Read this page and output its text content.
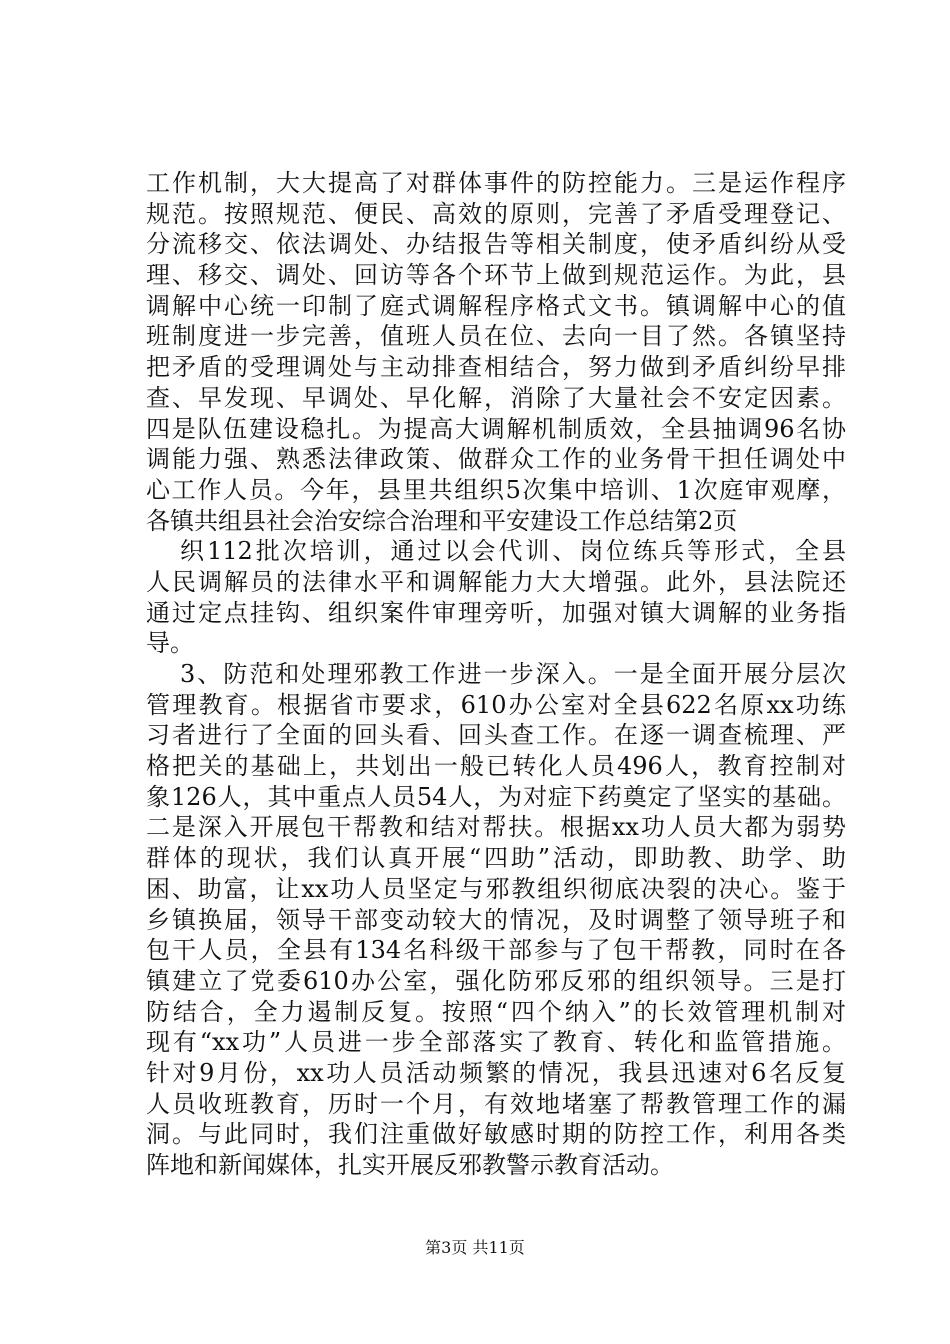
工作机制，大大提高了对群体事件的防控能力。三是运作程序
规范。按照规范、便民、高效的原则，完善了矛盾受理登记、
分流移交、依法调处、办结报告等相关制度，使矛盾纠纷从受
理、移交、调处、回访等各个环节上做到规范运作。为此，县
调解中心统一印制了庭式调解程序格式文书。镇调解中心的值
班制度进一步完善，值班人员在位、去向一目了然。各镇坚持
把矛盾的受理调处与主动排查相结合，努力做到矛盾纠纷早排
查、早发现、早调处、早化解，消除了大量社会不安定因素。
四是队伍建设稳扎。为提高大调解机制质效，全县抽调96名协
调能力强、熟悉法律政策、做群众工作的业务骨干担任调处中
心工作人员。今年，县里共组织5次集中培训、1次庭审观摩，
各镇共组县社会治安综合治理和平安建设工作总结第2页
织112批次培训，通过以会代训、岗位练兵等形式，全县
人民调解员的法律水平和调解能力大大增强。此外，县法院还
通过定点挂钩、组织案件审理旁听，加强对镇大调解的业务指
导。
3、防范和处理邪教工作进一步深入。一是全面开展分层次
管理教育。根据省市要求，610办公室对全县622名原xx功练
习者进行了全面的回头看、回头查工作。在逐一调查梳理、严
格把关的基础上，共划出一般已转化人员496人，教育控制对
象126人，其中重点人员54人，为对症下药奠定了坚实的基础。
二是深入开展包干帮教和结对帮扶。根据xx功人员大都为弱势
群体的现状，我们认真开展“四助”活动，即助教、助学、助
困、助富，让xx功人员坚定与邪教组织彻底决裂的决心。鉴于
乡镇换届，领导干部变动较大的情况，及时调整了领导班子和
包干人员，全县有134名科级干部参与了包干帮教，同时在各
镇建立了党委610办公室，强化防邪反邪的组织领导。三是打
防结合，全力遏制反复。按照“四个纳入”的长效管理机制对
现有“xx功”人员进一步全部落实了教育、转化和监管措施。
针对9月份，xx功人员活动频繁的情况，我县迅速对6名反复
人员收班教育，历时一个月，有效地堵塞了帮教管理工作的漏
洞。与此同时，我们注重做好敏感时期的防控工作，利用各类
阵地和新闻媒体，扎实开展反邪教警示教育活动。
第3页 共11页
